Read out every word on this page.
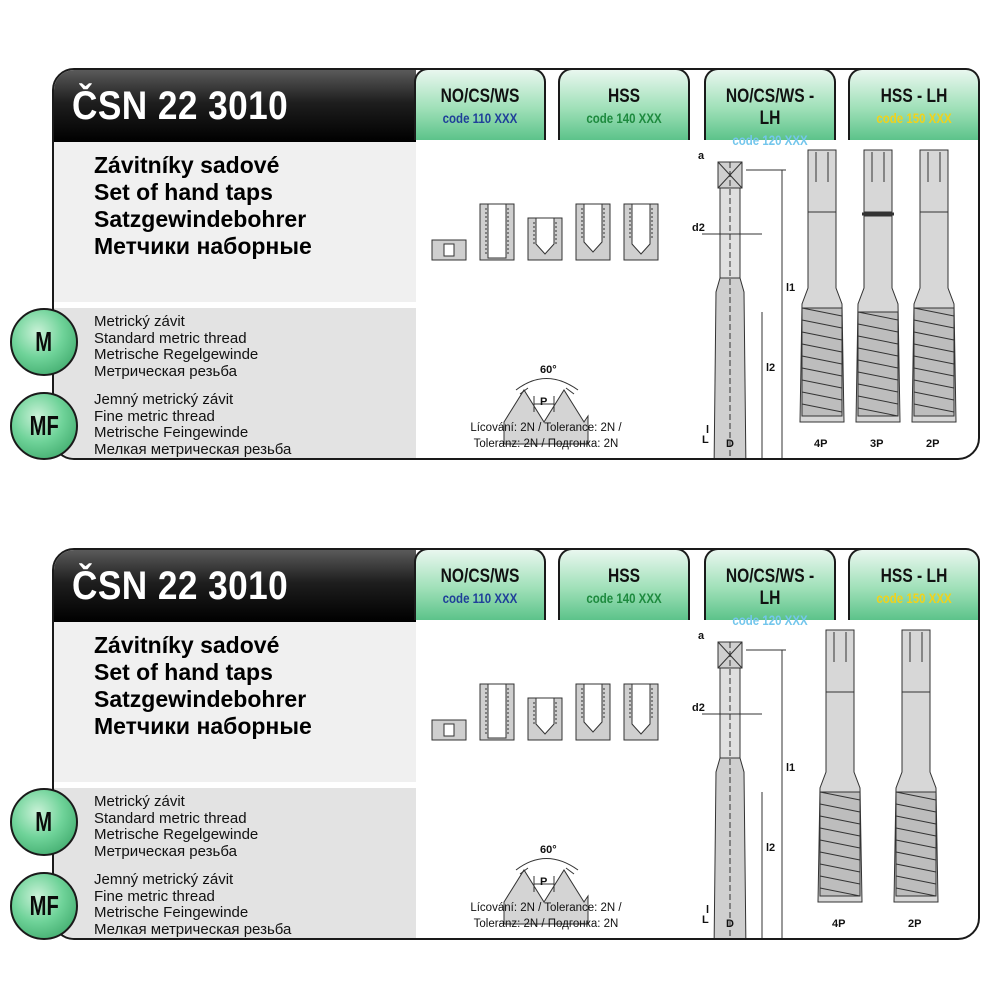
ČSN 22 3010
Závitníky sadové
Set of hand taps
Satzgewindebohrer
Метчики наборные
Metrický závit
Standard metric thread
Metrische Regelgewinde
Метрическая резьба
Jemný metrický závit
Fine metric thread
Metrische Feingewinde
Мелкая метрическая резьба
60°
P
a
d2
l1
l2
l
D
L	4P	3P	2P
Lícování: 2N / Tolerance: 2N /
Toleranz: 2N / Подгонка: 2N
NO/CS/WS
code 110 XXX
HSS
code 140 XXX
NO/CS/WS - LH
code 120 XXX
HSS - LH
code 150 XXX
M
MF
ČSN 22 3010
Závitníky sadové
Set of hand taps
Satzgewindebohrer
Метчики наборные
Metrický závit
Standard metric thread
Metrische Regelgewinde
Метрическая резьба
Jemný metrický závit
Fine metric thread
Metrische Feingewinde
Мелкая метрическая резьба
60°
P
a
d2
l1
l2
l
D
L	4P	2P
Lícování: 2N / Tolerance: 2N /
Toleranz: 2N / Подгонка: 2N
NO/CS/WS
code 110 XXX
HSS
code 140 XXX
NO/CS/WS - LH
code 120 XXX
HSS - LH
code 150 XXX
M
MF
